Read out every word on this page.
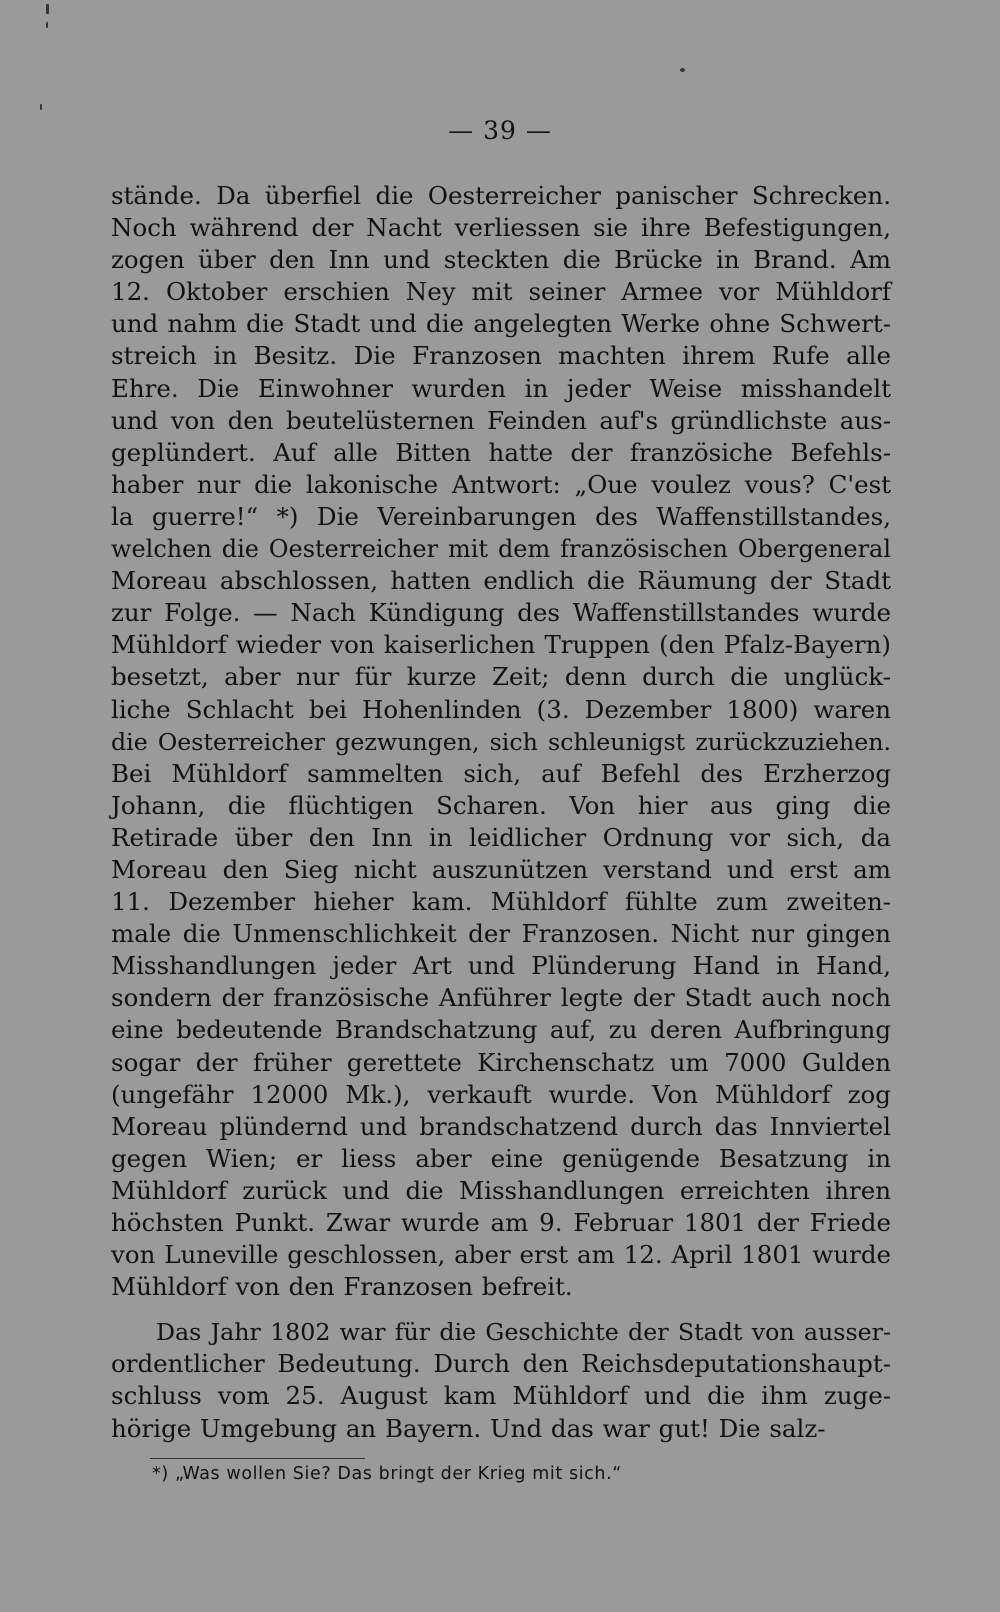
— 39 —
stände. Da überfiel die Oesterreicher panischer Schrecken.
Noch während der Nacht verliessen sie ihre Befestigungen,
zogen über den Inn und steckten die Brücke in Brand. Am
12. Oktober erschien Ney mit seiner Armee vor Mühldorf
und nahm die Stadt und die angelegten Werke ohne Schwert-
streich in Besitz. Die Franzosen machten ihrem Rufe alle
Ehre. Die Einwohner wurden in jeder Weise misshandelt
und von den beutelüsternen Feinden auf's gründlichste aus-
geplündert. Auf alle Bitten hatte der französiche Befehls-
haber nur die lakonische Antwort: „Oue voulez vous? C'est
la guerre!“ *) Die Vereinbarungen des Waffenstillstandes,
welchen die Oesterreicher mit dem französischen Obergeneral
Moreau abschlossen, hatten endlich die Räumung der Stadt
zur Folge. — Nach Kündigung des Waffenstillstandes wurde
Mühldorf wieder von kaiserlichen Truppen (den Pfalz-Bayern)
besetzt, aber nur für kurze Zeit; denn durch die unglück-
liche Schlacht bei Hohenlinden (3. Dezember 1800) waren
die Oesterreicher gezwungen, sich schleunigst zurückzuziehen.
Bei Mühldorf sammelten sich, auf Befehl des Erzherzog
Johann, die flüchtigen Scharen. Von hier aus ging die
Retirade über den Inn in leidlicher Ordnung vor sich, da
Moreau den Sieg nicht auszunützen verstand und erst am
11. Dezember hieher kam. Mühldorf fühlte zum zweiten-
male die Unmenschlichkeit der Franzosen. Nicht nur gingen
Misshandlungen jeder Art und Plünderung Hand in Hand,
sondern der französische Anführer legte der Stadt auch noch
eine bedeutende Brandschatzung auf, zu deren Aufbringung
sogar der früher gerettete Kirchenschatz um 7000 Gulden
(ungefähr 12000 Mk.), verkauft wurde. Von Mühldorf zog
Moreau plündernd und brandschatzend durch das Innviertel
gegen Wien; er liess aber eine genügende Besatzung in
Mühldorf zurück und die Misshandlungen erreichten ihren
höchsten Punkt. Zwar wurde am 9. Februar 1801 der Friede
von Luneville geschlossen, aber erst am 12. April 1801 wurde
Mühldorf von den Franzosen befreit.
Das Jahr 1802 war für die Geschichte der Stadt von ausser-
ordentlicher Bedeutung. Durch den Reichsdeputationshaupt-
schluss vom 25. August kam Mühldorf und die ihm zuge-
hörige Umgebung an Bayern. Und das war gut! Die salz-
*) „Was wollen Sie? Das bringt der Krieg mit sich.“
